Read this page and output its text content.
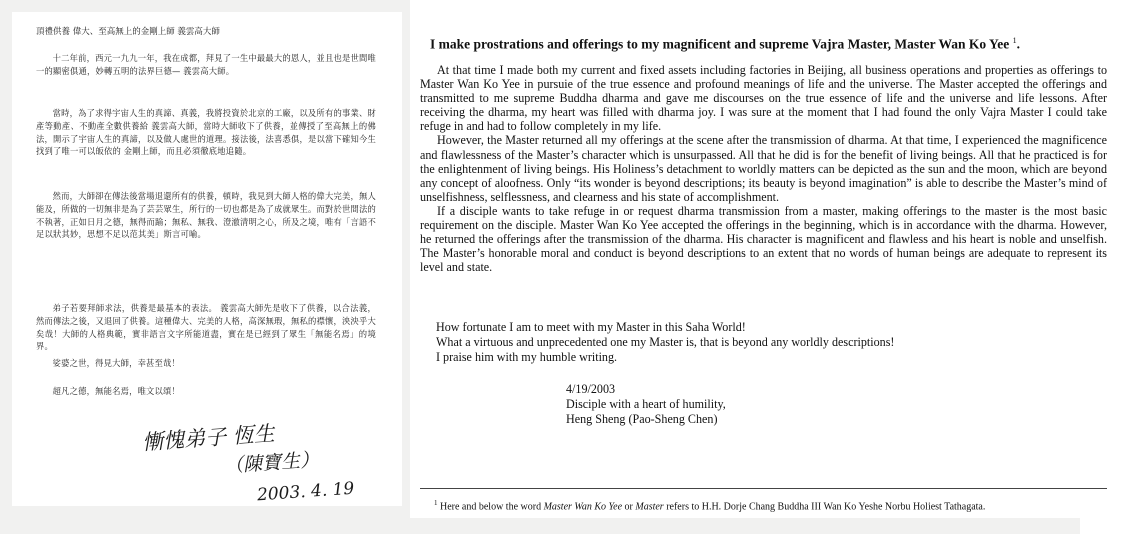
頂禮供養 偉大、至高無上的金剛上師 義雲高大師
十二年前，西元一九九一年，我在成都，拜見了一生中最最大的恩人，並且也是世間唯一的顯密俱通，妙轉五明的法界巨德— 義雲高大師。
當時，為了求得宇宙人生的真諦、真義，我將投資於北京的工廠，以及所有的事業、財產等動產、不動產全數供養給 義雲高大師，當時大師收下了供養，並傳授了至高無上的佛法，開示了宇宙人生的真諦，以及做人處世的道理。接法後，法喜悉俱，是以當下確知今生找到了唯一可以皈依的 金剛上師，而且必須徹底地追隨。
然而，大師卻在傳法後當場退還所有的供養，頓時，我見到大師人格的偉大完美，無人能及，所做的一切無非是為了芸芸眾生，所行的一切也都是為了成就眾生。而對於世間法的不執著，正如日月之德，無得而踰；無私、無我、澄澈清明之心，所及之境，唯有「言語不足以狀其妙，思想不足以范其美」斯言可喻。
弟子若要拜師求法，供養是最基本的表法。 義雲高大師先是收下了供養，以合法義，然而傳法之後，又退回了供養。這種偉大、完美的人格，高深無瑕，無私的襟懷，泱泱乎大矣哉！大師的人格典範，實非語言文字所能道盡，實在是已經到了眾生「無能名焉」的境界。
娑婆之世，得見大師，幸甚至哉！
超凡之德，無能名焉，唯文以頌！
慚愧弟子 恆生
（陳寶生）
2003. 4. 19
I make prostrations and offerings to my magnificent and supreme Vajra Master, Master Wan Ko Yee $^1$.

At that time I made both my current and fixed assets including factories in Beijing, all business operations and properties as offerings to Master Wan Ko Yee in pursuie of the true essence and profound meanings of life and the universe. The Master accepted the offerings and transmitted to me supreme Buddha dharma and gave me discourses on the true essence of life and the universe and life lessons. After receiving the dharma, my heart was filled with dharma joy. I was sure at the moment that I had found the only Vajra Master I could take refuge in and had to follow completely in my life.

However, the Master returned all my offerings at the scene after the transmission of dharma. At that time, I experienced the magnificence and flawlessness of the Master’s character which is unsurpassed. All that he did is for the benefit of living beings. All that he practiced is for the enlightenment of living beings. His Holiness’s detachment to worldly matters can be depicted as the sun and the moon, which are beyond any concept of aloofness. Only “its wonder is beyond descriptions; its beauty is beyond imagination” is able to describe the Master’s mind of unselfishness, selflessness, and clearness and his state of accomplishment.

If a disciple wants to take refuge in or request dharma transmission from a master, making offerings to the master is the most basic requirement on the disciple. Master Wan Ko Yee accepted the offerings in the beginning, which is in accordance with the dharma. However, he returned the offerings after the transmission of the dharma. His character is magnificent and flawless and his heart is noble and unselfish. The Master’s honorable moral and conduct is beyond descriptions to an extent that no words of human beings are adequate to represent its level and state.

How fortunate I am to meet with my Master in this Saha World!
What a virtuous and unprecedented one my Master is, that is beyond any worldly descriptions!
I praise him with my humble writing.
4/19/2003
Disciple with a heart of humility,
Heng Sheng (Pao-Sheng Chen)
$^1$ Here and below the word Master Wan Ko Yee or Master refers to H.H. Dorje Chang Buddha III Wan Ko Yeshe Norbu Holiest Tathagata.
